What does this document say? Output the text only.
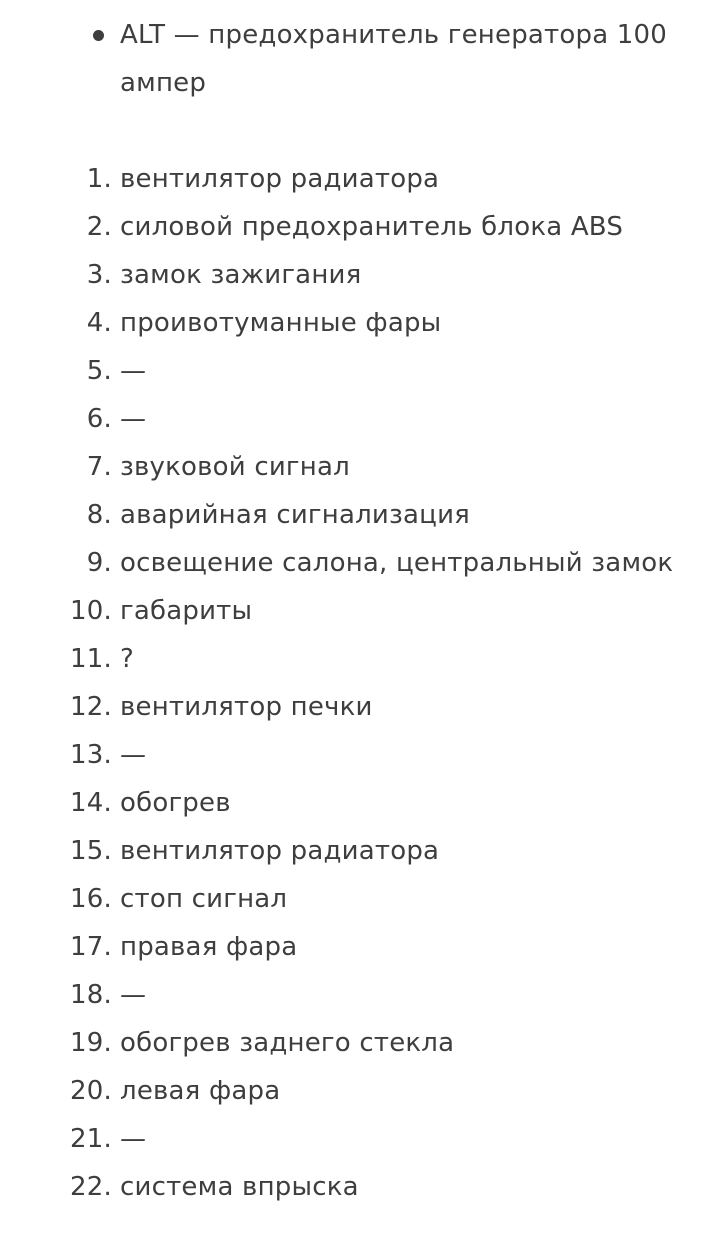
ALT — предохранитель генератора 100 ампер
1. вентилятор радиатора
2. силовой предохранитель блока ABS
3. замок зажигания
4. проивотуманные фары
5. —
6. —
7. звуковой сигнал
8. аварийная сигнализация
9. освещение салона, центральный замок
10. габариты
11. ?
12. вентилятор печки
13. —
14. обогрев
15. вентилятор радиатора
16. стоп сигнал
17. правая фара
18. —
19. обогрев заднего стекла
20. левая фара
21. —
22. система впрыска
